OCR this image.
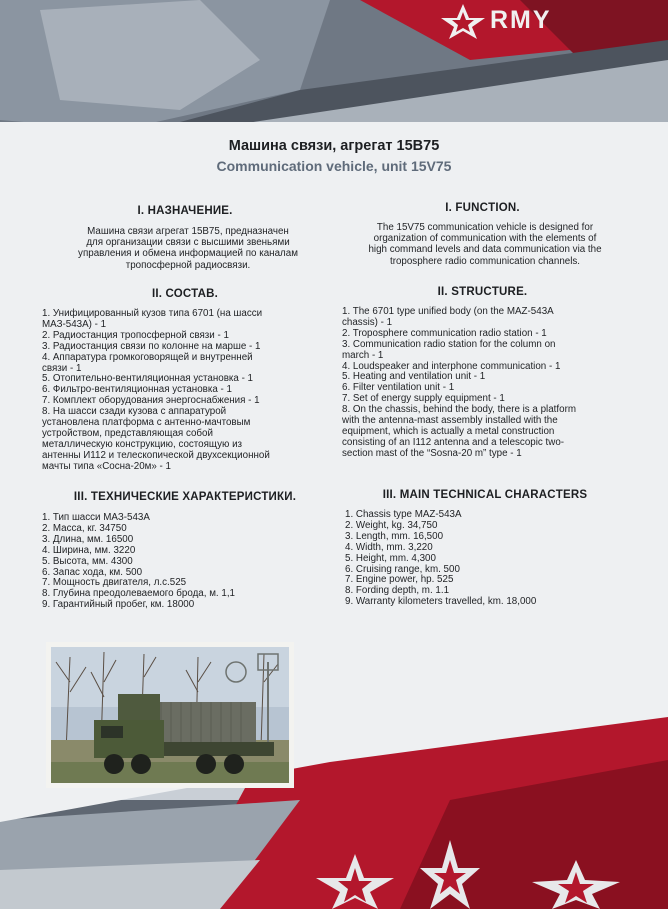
RMY
Машина связи, агрегат 15В75
Communication vehicle, unit 15V75
I. НАЗНАЧЕНИЕ.
Машина связи агрегат 15В75, предназначен
для организации связи с высшими звеньями
управления и обмена информацией по каналам
тропосферной радиосвязи.
II. СОСТАВ.
1. Унифицированный кузов типа 6701 (на шасси
МАЗ-543А) - 1
2. Радиостанция тропосферной связи - 1
3. Радиостанция связи по колонне на марше - 1
4. Аппаратура громкоговорящей и внутренней
связи - 1
5. Отопительно-вентиляционная установка - 1
6. Фильтро-вентиляционная установка - 1
7. Комплект оборудования энергоснабжения - 1
8. На шасси сзади кузова с аппаратурой
установлена платформа с антенно-мачтовым
устройством, представляющая собой
металлическую конструкцию, состоящую из
антенны И112 и телескопической двухсекционной
мачты типа «Сосна-20м» - 1
III. ТЕХНИЧЕСКИЕ ХАРАКТЕРИСТИКИ.
1. Тип шасси МАЗ-543А
2. Масса, кг. 34750
3. Длина, мм. 16500
4. Ширина, мм. 3220
5. Высота, мм. 4300
6. Запас хода, км. 500
7. Мощность двигателя, л.с.525
8. Глубина преодолеваемого брода, м. 1,1
9. Гарантийный пробег, км. 18000
I. FUNCTION.
The 15V75 communication vehicle is designed for
organization of communication with the elements of
high command levels and data communication via the
troposphere radio communication channels.
II. STRUCTURE.
1. The 6701 type unified body (on the MAZ-543A
chassis) - 1
2. Troposphere communication radio station - 1
3. Communication radio station for the column on
march - 1
4. Loudspeaker and interphone communication - 1
5. Heating and ventilation unit - 1
6. Filter ventilation unit - 1
7. Set of energy supply equipment - 1
8. On the chassis, behind the body, there is a platform
with the antenna-mast assembly installed with the
equipment, which is actually a metal construction
consisting of an I112 antenna and a telescopic two-
section mast of the “Sosna-20 m” type - 1
III. MAIN TECHNICAL CHARACTERS
1. Chassis type MAZ-543A
2. Weight, kg. 34,750
3. Length, mm. 16,500
4. Width, mm. 3,220
5. Height, mm. 4,300
6. Cruising range, km. 500
7. Engine power, hp. 525
8. Fording depth, m. 1.1
9. Warranty kilometers travelled, km. 18,000
